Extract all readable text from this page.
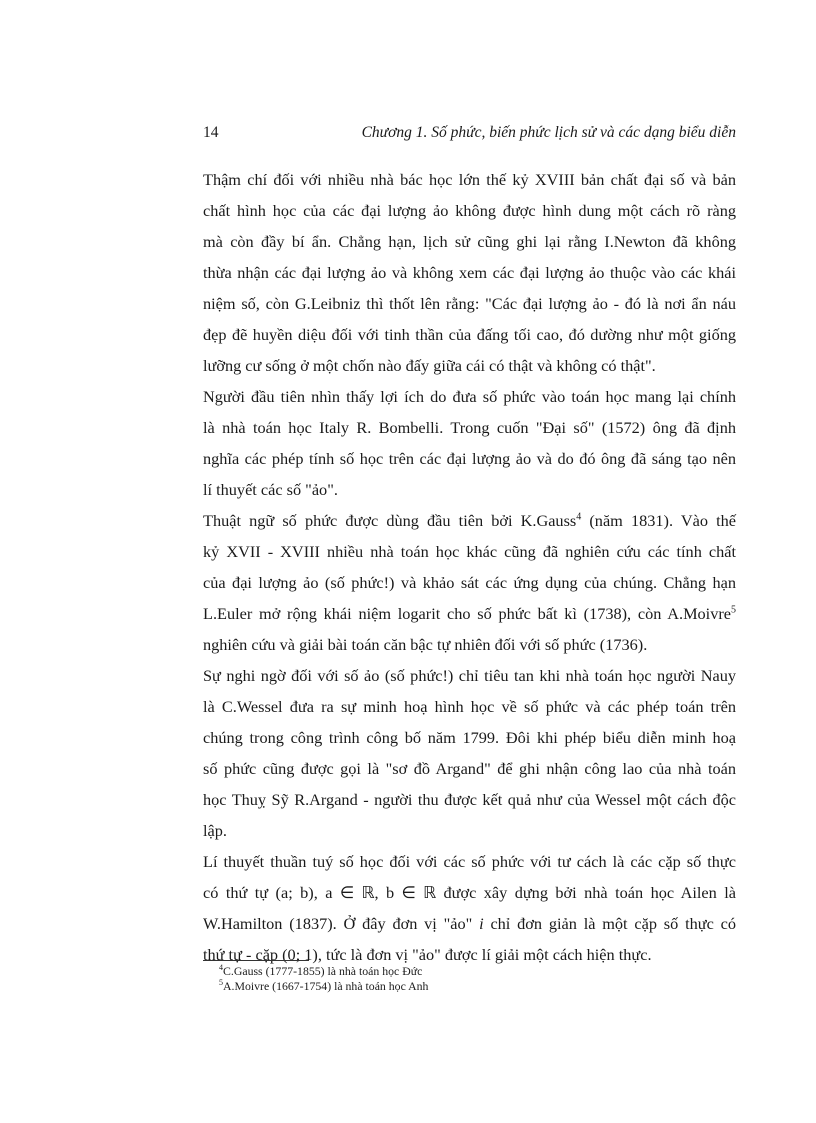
14	Chương 1. Số phức, biến phức lịch sử và các dạng biểu diễn
Thậm chí đối với nhiều nhà bác học lớn thế kỷ XVIII bản chất đại số và bản
chất hình học của các đại lượng ảo không được hình dung một cách rõ ràng
mà còn đầy bí ẩn. Chẳng hạn, lịch sử cũng ghi lại rằng I.Newton đã không
thừa nhận các đại lượng ảo và không xem các đại lượng ảo thuộc vào các khái
niệm số, còn G.Leibniz thì thốt lên rằng: "Các đại lượng ảo - đó là nơi ẩn náu
đẹp đẽ huyền diệu đối với tinh thần của đấng tối cao, đó dường như một giống
lưỡng cư sống ở một chốn nào đấy giữa cái có thật và không có thật".
Người đầu tiên nhìn thấy lợi ích do đưa số phức vào toán học mang lại chính
là nhà toán học Italy R. Bombelli. Trong cuốn "Đại số" (1572) ông đã định
nghĩa các phép tính số học trên các đại lượng ảo và do đó ông đã sáng tạo nên
lí thuyết các số "ảo".
Thuật ngữ số phức được dùng đầu tiên bởi K.Gauss$^4$ (năm 1831). Vào thế
kỷ XVII - XVIII nhiều nhà toán học khác cũng đã nghiên cứu các tính chất
của đại lượng ảo (số phức!) và khảo sát các ứng dụng của chúng. Chẳng hạn
L.Euler mở rộng khái niệm logarit cho số phức bất kì (1738), còn A.Moivre$^5$
nghiên cứu và giải bài toán căn bậc tự nhiên đối với số phức (1736).
Sự nghi ngờ đối với số ảo (số phức!) chỉ tiêu tan khi nhà toán học người Nauy
là C.Wessel đưa ra sự minh hoạ hình học về số phức và các phép toán trên
chúng trong công trình công bố năm 1799. Đôi khi phép biểu diễn minh hoạ
số phức cũng được gọi là "sơ đồ Argand" để ghi nhận công lao của nhà toán
học Thuỵ Sỹ R.Argand - người thu được kết quả như của Wessel một cách độc
lập.
Lí thuyết thuần tuý số học đối với các số phức với tư cách là các cặp số thực
có thứ tự (a; b), a ∈ ℝ, b ∈ ℝ được xây dựng bởi nhà toán học Ailen là
W.Hamilton (1837). Ở đây đơn vị "ảo" i chỉ đơn giản là một cặp số thực có
thứ tự - cặp (0; 1), tức là đơn vị "ảo" được lí giải một cách hiện thực.
$^4$C.Gauss (1777-1855) là nhà toán học Đức
$^5$A.Moivre (1667-1754) là nhà toán học Anh
